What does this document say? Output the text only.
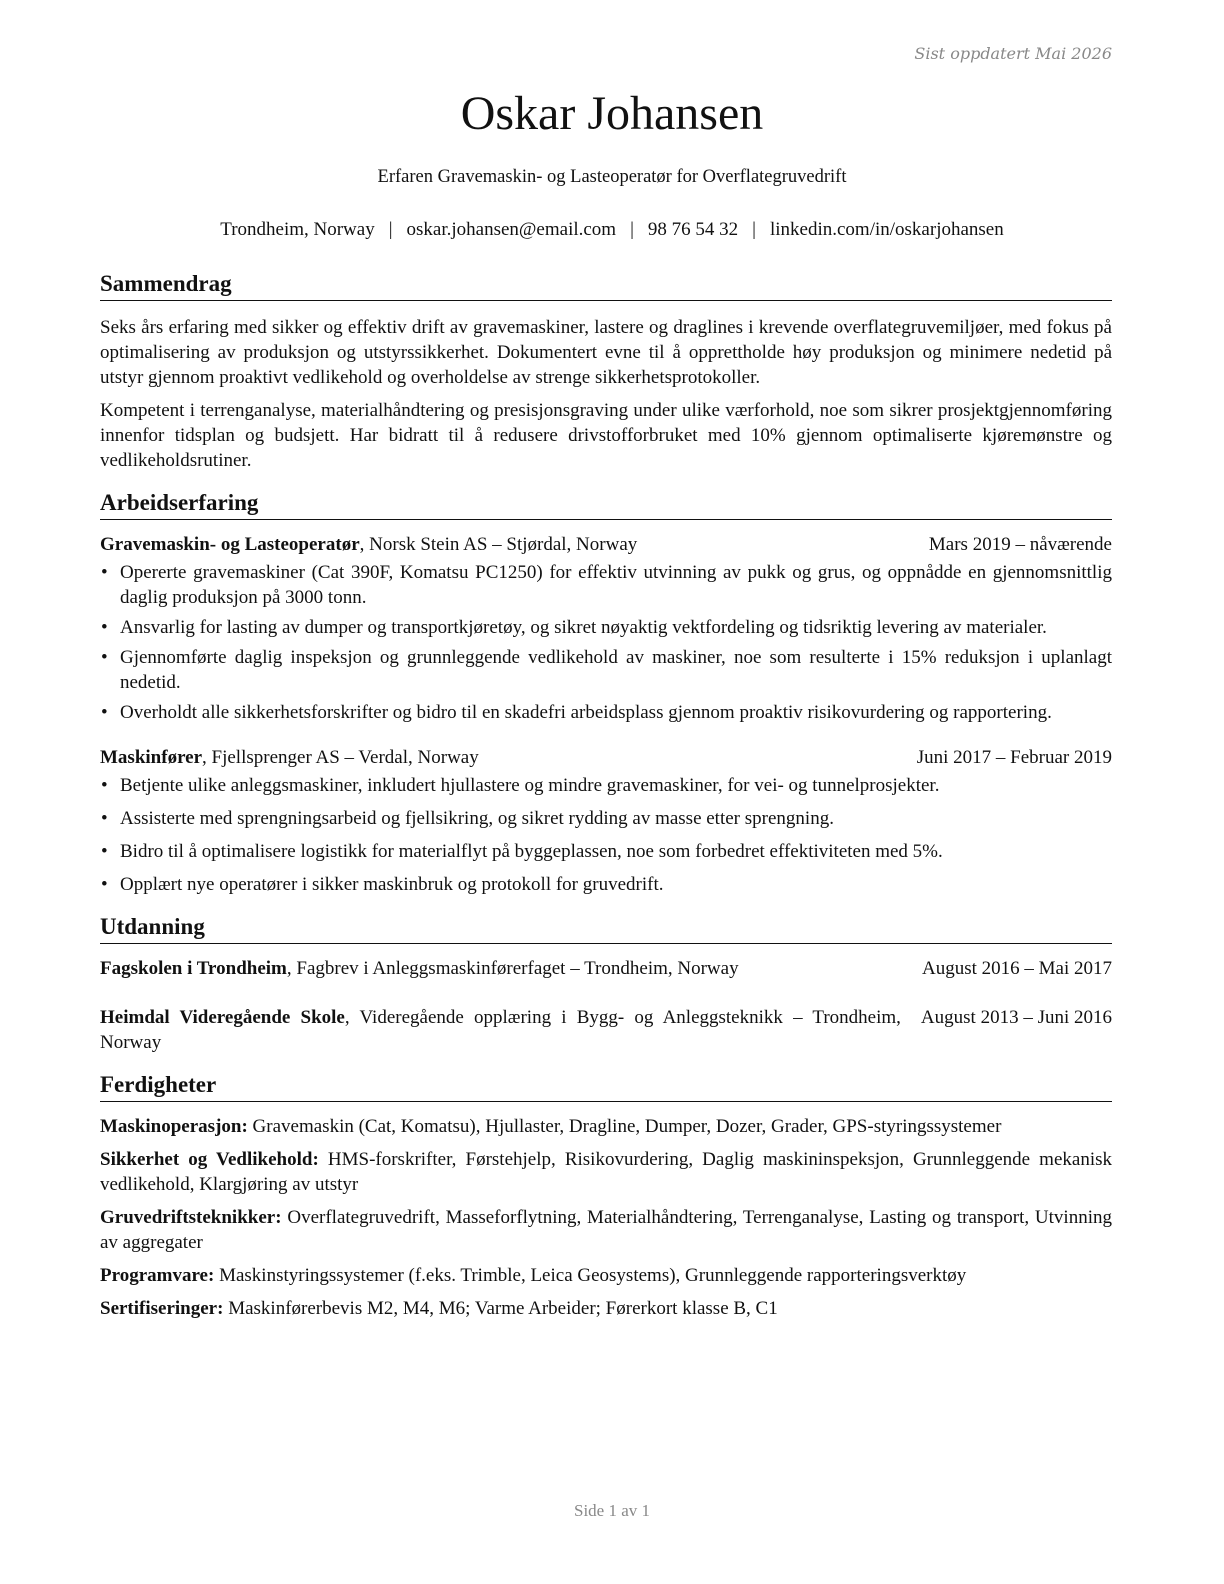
Sist oppdatert Mai 2026
Oskar Johansen
Erfaren Gravemaskin- og Lasteoperatør for Overflategruvedrift
Trondheim, Norway | oskar.johansen@email.com | 98 76 54 32 | linkedin.com/in/oskarjohansen
Sammendrag

Seks års erfaring med sikker og effektiv drift av gravemaskiner, lastere og draglines i krevende overflategruvemiljøer, med fokus på optimalisering av produksjon og utstyrssikkerhet. Dokumentert evne til å opprettholde høy produksjon og minimere nedetid på utstyr gjennom proaktivt vedlikehold og overholdelse av strenge sikkerhetsprotokoller.

Kompetent i terrenganalyse, materialhåndtering og presisjonsgraving under ulike værforhold, noe som sikrer prosjektgjennomføring innenfor tidsplan og budsjett. Har bidratt til å redusere drivstofforbruket med 10% gjennom optimaliserte kjøremønstre og vedlikeholdsrutiner.

Arbeidserfaring
Gravemaskin- og Lasteoperatør, Norsk Stein AS – Stjørdal, Norway	Mars 2019 – nåværende
• Opererte gravemaskiner (Cat 390F, Komatsu PC1250) for effektiv utvinning av pukk og grus, og oppnådde en gjennomsnittlig daglig produksjon på 3000 tonn.
• Ansvarlig for lasting av dumper og transportkjøretøy, og sikret nøyaktig vektfordeling og tidsriktig levering av materialer.
• Gjennomførte daglig inspeksjon og grunnleggende vedlikehold av maskiner, noe som resulterte i 15% reduksjon i uplanlagt nedetid.
• Overholdt alle sikkerhetsforskrifter og bidro til en skadefri arbeidsplass gjennom proaktiv risikovurdering og rapportering.
Maskinfører, Fjellsprenger AS – Verdal, Norway	Juni 2017 – Februar 2019
• Betjente ulike anleggsmaskiner, inkludert hjullastere og mindre gravemaskiner, for vei- og tunnelprosjekter.
• Assisterte med sprengningsarbeid og fjellsikring, og sikret rydding av masse etter sprengning.
• Bidro til å optimalisere logistikk for materialflyt på byggeplassen, noe som forbedret effektiviteten med 5%.
• Opplært nye operatører i sikker maskinbruk og protokoll for gruvedrift.
Utdanning
Fagskolen i Trondheim, Fagbrev i Anleggsmaskinførerfaget – Trondheim, Norway	August 2016 – Mai 2017
Heimdal Videregående Skole, Videregående opplæring i Bygg- og Anleggsteknikk – Trondheim, Norway
August 2013 – Juni 2016
Ferdigheter
Maskinoperasjon: Gravemaskin (Cat, Komatsu), Hjullaster, Dragline, Dumper, Dozer, Grader, GPS-styringssystemer
Sikkerhet og Vedlikehold: HMS-forskrifter, Førstehjelp, Risikovurdering, Daglig maskininspeksjon, Grunnleggende mekanisk vedlikehold, Klargjøring av utstyr
Gruvedriftsteknikker: Overflategruvedrift, Masseforflytning, Materialhåndtering, Terrenganalyse, Lasting og transport, Utvinning av aggregater
Programvare: Maskinstyringssystemer (f.eks. Trimble, Leica Geosystems), Grunnleggende rapporteringsverktøy
Sertifiseringer: Maskinførerbevis M2, M4, M6; Varme Arbeider; Førerkort klasse B, C1
Side 1 av 1
